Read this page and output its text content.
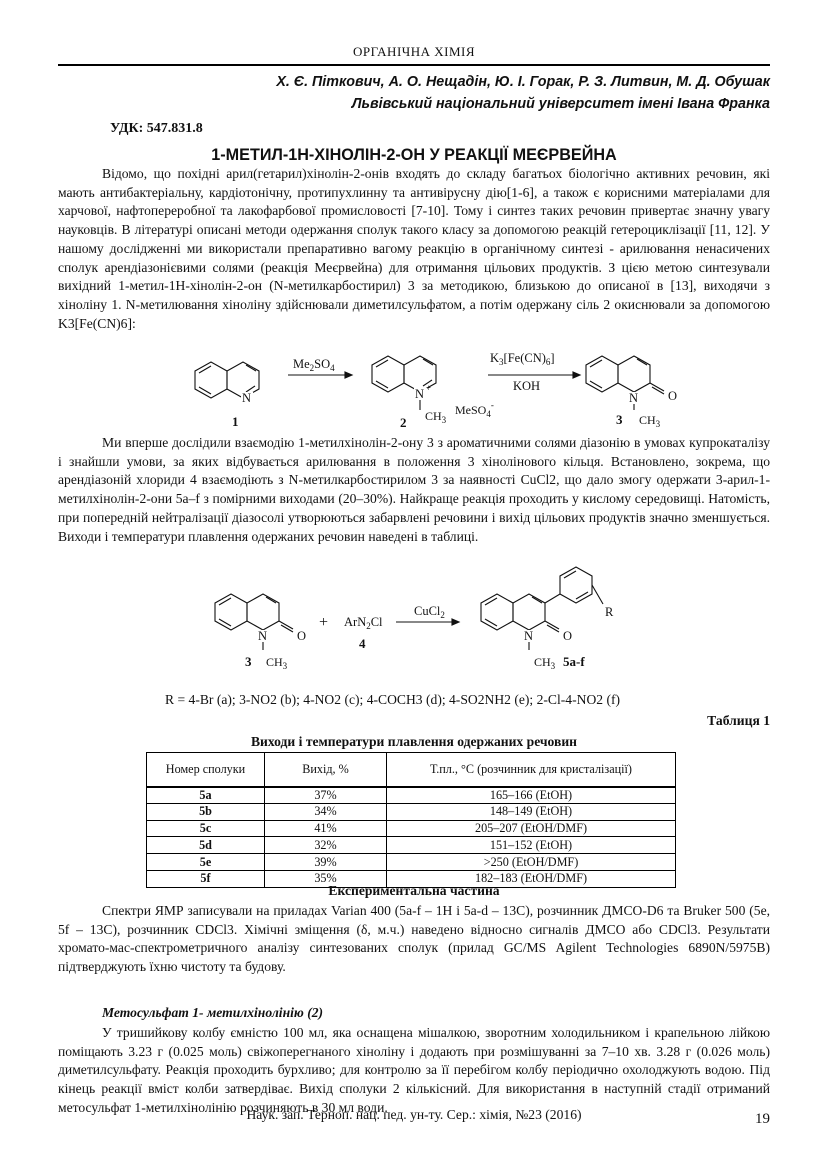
ОРГАНІЧНА ХІМІЯ
Х. Є. Піткович, А. О. Нещадін, Ю. І. Горак, Р. З. Литвин, М. Д. Обушак
Львівський національний університет імені Івана Франка
УДК: 547.831.8
1-МЕТИЛ-1H-ХІНОЛІН-2-ОН У РЕАКЦІЇ МЕЄРВЕЙНА
Відомо, що похідні арил(гетарил)хінолін-2-онів входять до складу багатьох біологічно активних речовин, які мають антибактеріальну, кардіотонічну, протипухлинну та антивірусну дію[1-6], а також є корисними матеріалами для харчової, нафтопереробної та лакофарбової промисловості [7-10]. Тому і синтез таких речовин привертає значну увагу науковців. В літературі описані методи одержання сполук такого класу за допомогою реакцій гетероциклізації [11, 12]. У нашому дослідженні ми використали препаративно вагому реакцію в органічному синтезі - арилювання ненасичених сполук арендіазонієвими солями (реакція Меєрвейна) для отримання цільових продуктів. З цією метою синтезували вихідний 1-метил-1H-хінолін-2-он (N-метилкарбостирил) 3 за методикою, близькою до описаної в [13], виходячи з хіноліну 1. N-метилювання хіноліну здійснювали диметилсульфатом, а потім одержану сіль 2 окиснювали за допомогою K3[Fe(CN)6]:
N
1
$Me_2SO_4$
N +
$CH_3$
2
MeSO$_4$-
$K_3[Fe(CN)_6]$
KOH
N O
$CH_3$
3
Ми вперше дослідили взаємодію 1-метилхінолін-2-ону 3 з ароматичними солями діазонію в умовах купрокаталізу і знайшли умови, за яких відбувається арилювання в положення 3 хінолінового кільця. Встановлено, зокрема, що арендіазоній хлориди 4 взаємодіють з N-метилкарбостирилом 3 за наявності CuCl2, що дало змогу одержати 3-арил-1-метилхінолін-2-они 5a–f з помірними виходами (20–30%). Найкраще реакція проходить у кислому середовищі. Натомість, при попередній нейтралізації діазосолі утворюються забарвлені речовини і вихід цільових продуктів значно зменшується. Виходи і температури плавлення одержаних речовин наведені в таблиці.
N O
$CH_3$
3
+ ArN$_2$Cl
4
CuCl$_2$
N O
$CH_3$ 5a-f
R
R = 4-Br (a); 3-NO2 (b); 4-NO2 (c); 4-COCH3 (d); 4-SO2NH2 (e); 2-Cl-4-NO2 (f)
Таблиця 1
Виходи і температури плавлення одержаних речовин
Номер сполуки	Вихід, %	Т.пл., °C (розчинник для кристалізації)
5a	37%	165–166 (EtOH)
5b	34%	148–149 (EtOH)
5c	41%	205–207 (EtOH/DMF)
5d	32%	151–152 (EtOH)
5e	39%	>250 (EtOH/DMF)
5f	35%	182–183 (EtOH/DMF)
Експериментальна частина
Спектри ЯМР записували на приладах Varian 400 (5a-f – 1H і 5a-d – 13C), розчинник ДМСО-D6 та Bruker 500 (5e, 5f – 13C), розчинник CDCl3. Хімічні зміщення (δ, м.ч.) наведено відносно сигналів ДМСО або CDCl3. Результати хромато-мас-спектрометричного аналізу синтезованих сполук (прилад GC/MS Agilent Technologies 6890N/5975B) підтверджують їхню чистоту та будову.
Метосульфат 1- метилхінолінію (2)
У тришийкову колбу ємністю 100 мл, яка оснащена мішалкою, зворотним холодильником і крапельною лійкою поміщають 3.23 г (0.025 моль) свіжоперегнаного хіноліну і додають при розмішуванні за 7–10 хв. 3.28 г (0.026 моль) диметилсульфату. Реакція проходить бурхливо; для контролю за її перебігом колбу періодично охолоджують водою. Під кінець реакції вміст колби затвердіває. Вихід сполуки 2 кількісний. Для використання в наступній стадії отриманий метосульфат 1-метилхінолінію розчиняють в 30 мл води.
Наук. зап. Терноп. нац. пед. ун-ту. Сер.: хімія, №23 (2016)	19
